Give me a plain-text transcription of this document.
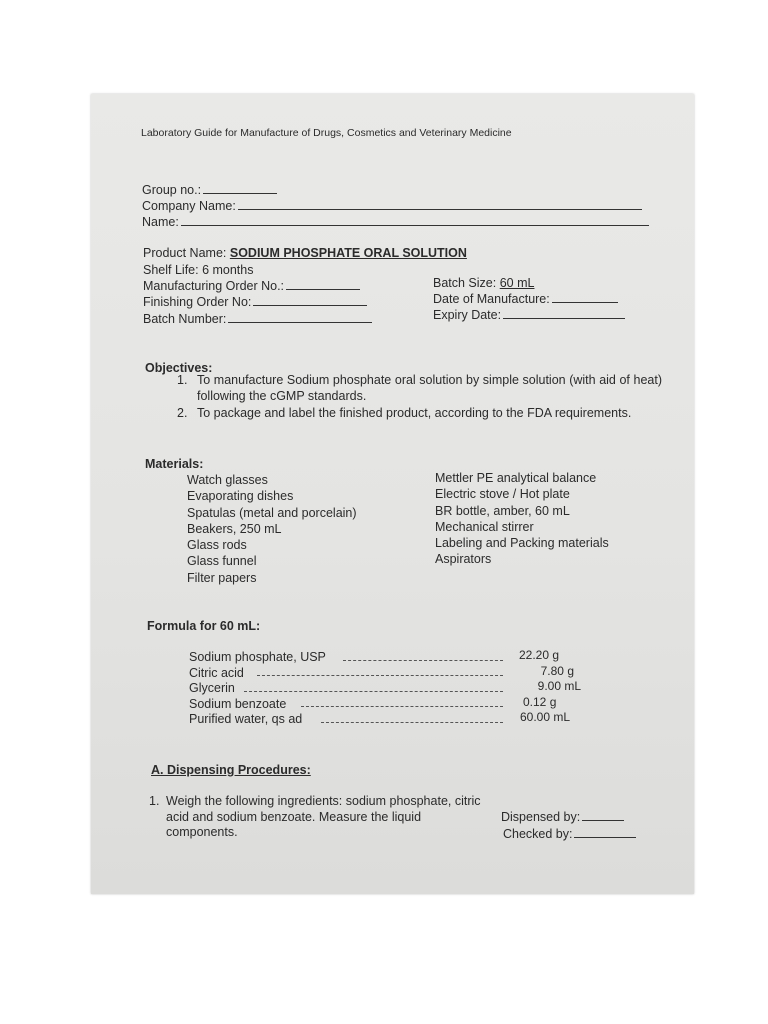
Laboratory Guide for Manufacture of Drugs, Cosmetics and Veterinary Medicine
Group no.:
Company Name:
Name:
Product Name: SODIUM PHOSPHATE ORAL SOLUTION
Shelf Life: 6 months
Manufacturing Order No.:
Finishing Order No:
Batch Number:
Batch Size: 60 mL
Date of Manufacture:
Expiry Date:
Objectives:
1. To manufacture Sodium phosphate oral solution by simple solution (with aid of heat) following the cGMP standards.
2. To package and label the finished product, according to the FDA requirements.
Materials:
Watch glasses
Evaporating dishes
Spatulas (metal and porcelain)
Beakers, 250 mL
Glass rods
Glass funnel
Filter papers
Mettler PE analytical balance
Electric stove / Hot plate
BR bottle, amber, 60 mL
Mechanical stirrer
Labeling and Packing materials
Aspirators
Formula for 60 mL:
Sodium phosphate, USP
Citric acid
Glycerin
Sodium benzoate
Purified water, qs ad
22.20 g
7.80 g
9.00 mL
0.12 g
60.00 mL
A. Dispensing Procedures:
1. Weigh the following ingredients: sodium phosphate, citric acid and sodium benzoate. Measure the liquid components.
Dispensed by:
Checked by:
